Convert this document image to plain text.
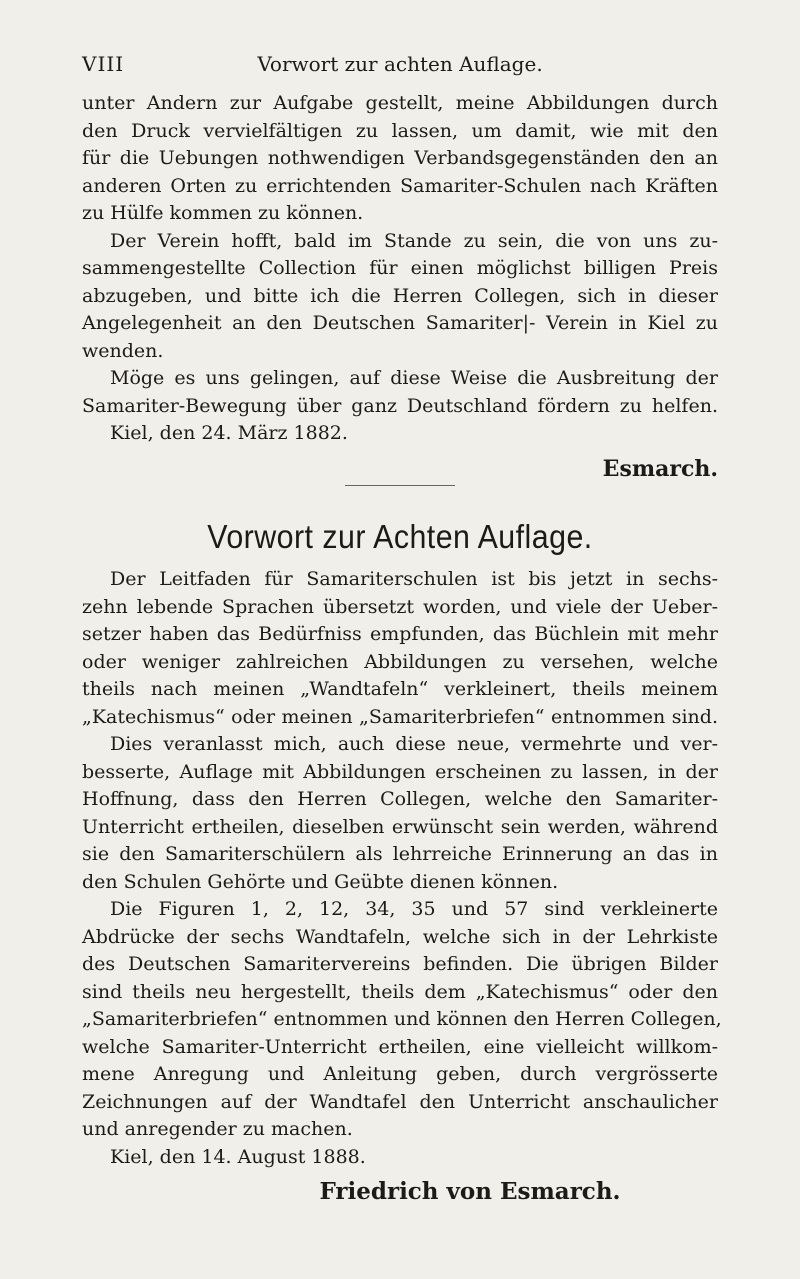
VIII	Vorwort zur achten Auflage.
unter Andern zur Aufgabe gestellt, meine Abbildungen durch
den Druck vervielfältigen zu lassen, um damit, wie mit den
für die Uebungen nothwendigen Verbandsgegenständen den an
anderen Orten zu errichtenden Samariter-Schulen nach Kräften
zu Hülfe kommen zu können.
Der Verein hofft, bald im Stande zu sein, die von uns zu-
sammengestellte Collection für einen möglichst billigen Preis
abzugeben, und bitte ich die Herren Collegen, sich in dieser
Angelegenheit an den Deutschen Samariter|- Verein in Kiel zu
wenden.
Möge es uns gelingen, auf diese Weise die Ausbreitung der
Samariter-Bewegung über ganz Deutschland fördern zu helfen.
Kiel, den 24. März 1882.
Esmarch.
Vorwort zur Achten Auflage.
Der Leitfaden für Samariterschulen ist bis jetzt in sechs-
zehn lebende Sprachen übersetzt worden, und viele der Ueber-
setzer haben das Bedürfniss empfunden, das Büchlein mit mehr
oder weniger zahlreichen Abbildungen zu versehen, welche
theils nach meinen „Wandtafeln“ verkleinert, theils meinem
„Katechismus“ oder meinen „Samariterbriefen“ entnommen sind.
Dies veranlasst mich, auch diese neue, vermehrte und ver-
besserte, Auflage mit Abbildungen erscheinen zu lassen, in der
Hoffnung, dass den Herren Collegen, welche den Samariter-
Unterricht ertheilen, dieselben erwünscht sein werden, während
sie den Samariterschülern als lehrreiche Erinnerung an das in
den Schulen Gehörte und Geübte dienen können.
Die Figuren 1, 2, 12, 34, 35 und 57 sind verkleinerte
Abdrücke der sechs Wandtafeln, welche sich in der Lehrkiste
des Deutschen Samaritervereins befinden. Die übrigen Bilder
sind theils neu hergestellt, theils dem „Katechismus“ oder den
„Samariterbriefen“ entnommen und können den Herren Collegen,
welche Samariter-Unterricht ertheilen, eine vielleicht willkom-
mene Anregung und Anleitung geben, durch vergrösserte
Zeichnungen auf der Wandtafel den Unterricht anschaulicher
und anregender zu machen.
Kiel, den 14. August 1888.
Friedrich von Esmarch.
